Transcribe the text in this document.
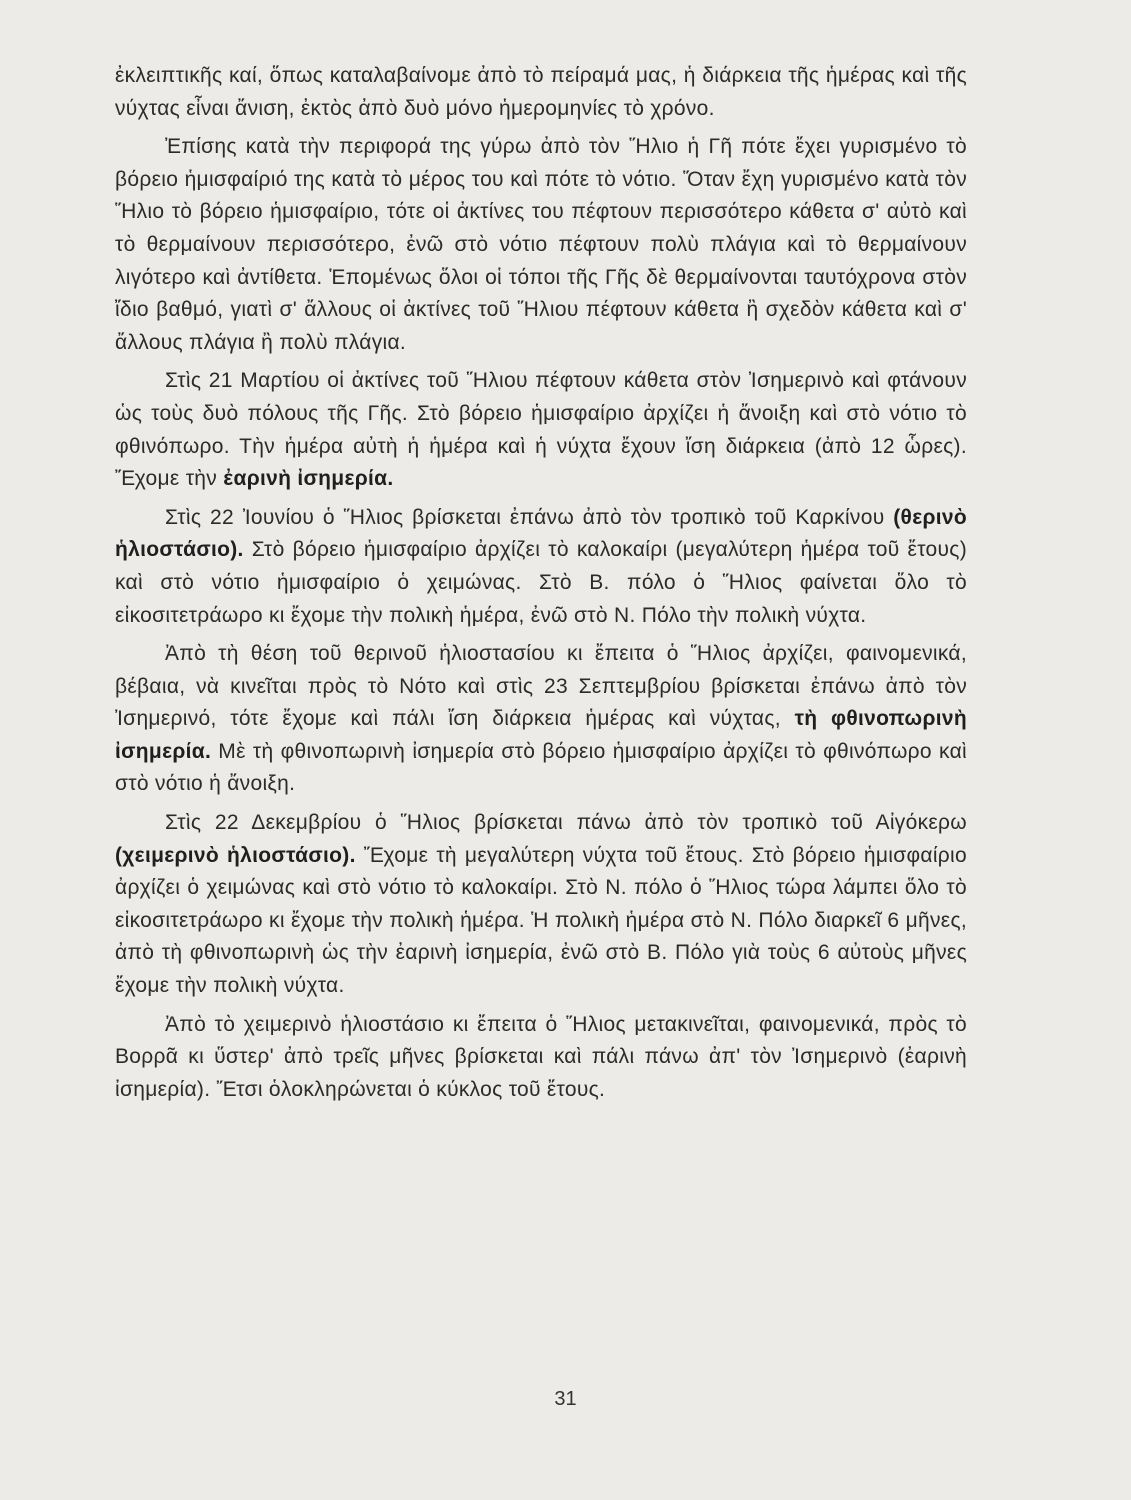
ἐκλειπτικῆς καί, ὅπως καταλαβαίνομε ἀπὸ τὸ πείραμά μας, ἡ διάρκεια τῆς ἡμέρας καὶ τῆς νύχτας εἶναι ἄνιση, ἐκτὸς ἀπὸ δυὸ μόνο ἡμερομηνίες τὸ χρόνο.

Ἐπίσης κατὰ τὴν περιφορά της γύρω ἀπὸ τὸν Ἥλιο ἡ Γῆ πότε ἔχει γυρισμένο τὸ βόρειο ἡμισφαίριό της κατὰ τὸ μέρος του καὶ πότε τὸ νότιο. Ὅταν ἔχη γυρισμένο κατὰ τὸν Ἥλιο τὸ βόρειο ἡμισφαίριο, τότε οἱ ἀκτίνες του πέφτουν περισσότερο κάθετα σ' αὐτὸ καὶ τὸ θερμαίνουν περισσότερο, ἐνῶ στὸ νότιο πέφτουν πολὺ πλάγια καὶ τὸ θερμαίνουν λιγότερο καὶ ἀντίθετα. Ἑπομένως ὅλοι οἱ τόποι τῆς Γῆς δὲ θερμαίνονται ταυτόχρονα στὸν ἴδιο βαθμό, γιατὶ σ' ἄλλους οἱ ἀκτίνες τοῦ Ἥλιου πέφτουν κάθετα ἢ σχεδὸν κάθετα καὶ σ' ἄλλους πλάγια ἢ πολὺ πλάγια.

Στὶς 21 Μαρτίου οἱ ἀκτίνες τοῦ Ἥλιου πέφτουν κάθετα στὸν Ἰσημερινὸ καὶ φτάνουν ὡς τοὺς δυὸ πόλους τῆς Γῆς. Στὸ βόρειο ἡμισφαίριο ἀρχίζει ἡ ἄνοιξη καὶ στὸ νότιο τὸ φθινόπωρο. Τὴν ἡμέρα αὐτὴ ἡ ἡμέρα καὶ ἡ νύχτα ἔχουν ἴση διάρκεια (ἀπὸ 12 ὧρες). Ἔχομε τὴν ἐαρινὴ ἰσημερία.

Στὶς 22 Ἰουνίου ὁ Ἥλιος βρίσκεται ἐπάνω ἀπὸ τὸν τροπικὸ τοῦ Καρκίνου (θερινὸ ἡλιοστάσιο). Στὸ βόρειο ἡμισφαίριο ἀρχίζει τὸ καλοκαίρι (μεγαλύτερη ἡμέρα τοῦ ἔτους) καὶ στὸ νότιο ἡμισφαίριο ὁ χειμώνας. Στὸ Β. πόλο ὁ Ἥλιος φαίνεται ὅλο τὸ εἰκοσιτετράωρο κι ἔχομε τὴν πολικὴ ἡμέρα, ἐνῶ στὸ Ν. Πόλο τὴν πολικὴ νύχτα.

Ἀπὸ τὴ θέση τοῦ θερινοῦ ἡλιοστασίου κι ἔπειτα ὁ Ἥλιος ἀρχίζει, φαινομενικά, βέβαια, νὰ κινεῖται πρὸς τὸ Νότο καὶ στὶς 23 Σεπτεμβρίου βρίσκεται ἐπάνω ἀπὸ τὸν Ἰσημερινό, τότε ἔχομε καὶ πάλι ἴση διάρκεια ἡμέρας καὶ νύχτας, τὴ φθινοπωρινὴ ἰσημερία. Μὲ τὴ φθινοπωρινὴ ἰσημερία στὸ βόρειο ἡμισφαίριο ἀρχίζει τὸ φθινόπωρο καὶ στὸ νότιο ἡ ἄνοιξη.

Στὶς 22 Δεκεμβρίου ὁ Ἥλιος βρίσκεται πάνω ἀπὸ τὸν τροπικὸ τοῦ Αἰγόκερω (χειμερινὸ ἡλιοστάσιο). Ἔχομε τὴ μεγαλύτερη νύχτα τοῦ ἔτους. Στὸ βόρειο ἡμισφαίριο ἀρχίζει ὁ χειμώνας καὶ στὸ νότιο τὸ καλοκαίρι. Στὸ Ν. πόλο ὁ Ἥλιος τώρα λάμπει ὅλο τὸ εἰκοσιτετράωρο κι ἔχομε τὴν πολικὴ ἡμέρα. Ἡ πολικὴ ἡμέρα στὸ Ν. Πόλο διαρκεῖ 6 μῆνες, ἀπὸ τὴ φθινοπωρινὴ ὡς τὴν ἐαρινὴ ἰσημερία, ἐνῶ στὸ Β. Πόλο γιὰ τοὺς 6 αὐτοὺς μῆνες ἔχομε τὴν πολικὴ νύχτα.

Ἀπὸ τὸ χειμερινὸ ἡλιοστάσιο κι ἔπειτα ὁ Ἥλιος μετακινεῖται, φαινομενικά, πρὸς τὸ Βορρᾶ κι ὕστερ' ἀπὸ τρεῖς μῆνες βρίσκεται καὶ πάλι πάνω ἀπ' τὸν Ἰσημερινὸ (ἐαρινὴ ἰσημερία). Ἔτσι ὁλοκληρώνεται ὁ κύκλος τοῦ ἔτους.

31
